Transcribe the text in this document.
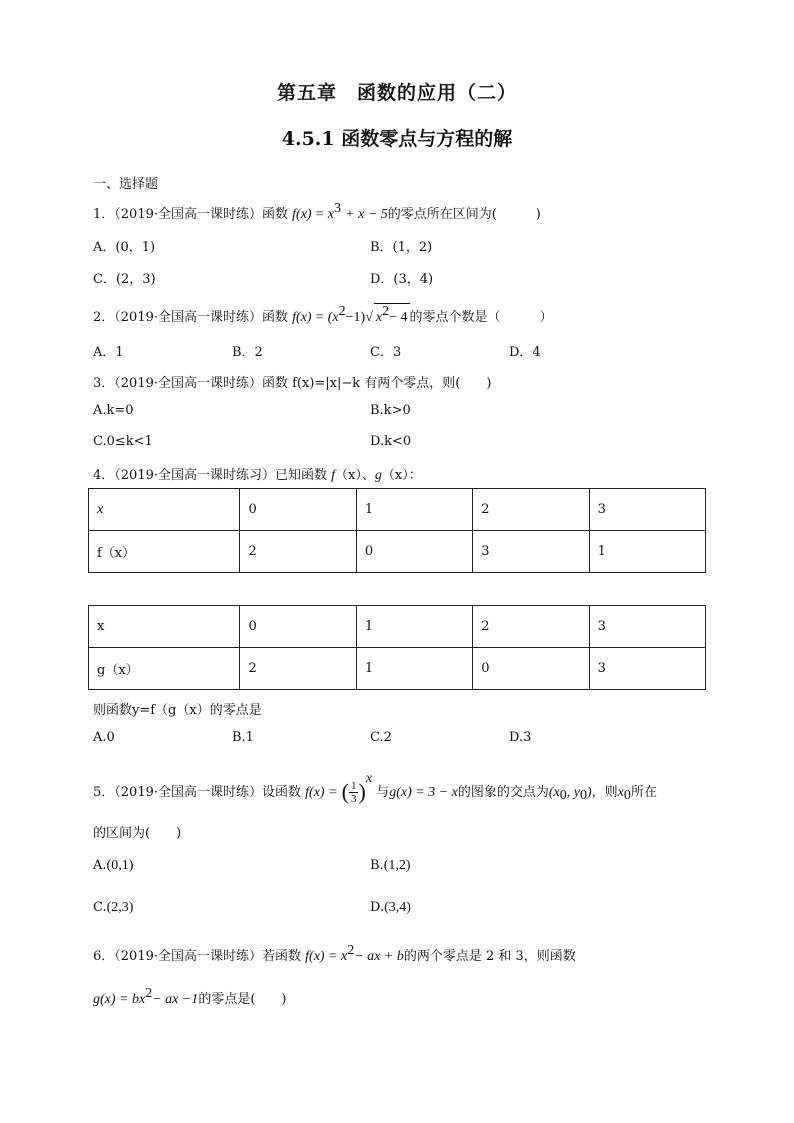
第五章　函数的应用（二）
4.5.1 函数零点与方程的解
一、选择题
1．（2019·全国高一课时练）函数 $f(x) = x^3 + x - 5$的零点所在区间为(　　　)
A．(0，1)	B．(1，2)
C．(2，3)	D．(3，4)
2．（2019·全国高一课时练）函数 $f(x) = (x^2-1)√$ $x^2- 4$ 的零点个数是（　　　）
A．1	B．2	C．3	D．4
3．（2019·全国高一课时练）函数 f(x)=|x|−k 有两个零点，则(　　)
A.k=0	B.k>0
C.0≤k<1	D.k<0
4．（2019·全国高一课时练习）已知函数 f（x）、g（x）：
x	0	1	2	3
f（x）	2	0	3	1
x	0	1	2	3
g（x）	2	1	0	3
则函数y=f（g（x）的零点是
A.0	B.1	C.2	D.3
5．（2019·全国高一课时练）设函数 f(x) = ( $\frac{1}{3} )^x$ 与g(x) = 3 − x的图象的交点为($x_0$, $y_0$)，则$x_0$所在
的区间为(　　)
A.(0,1)	B.(1,2)
C.(2,3)	D.(3,4)
6．（2019·全国高一课时练）若函数 $f(x) = x^2-$ ax + b的两个零点是 2 和 3，则函数
$g(x) = bx^2-$ ax −1的零点是(　　)
